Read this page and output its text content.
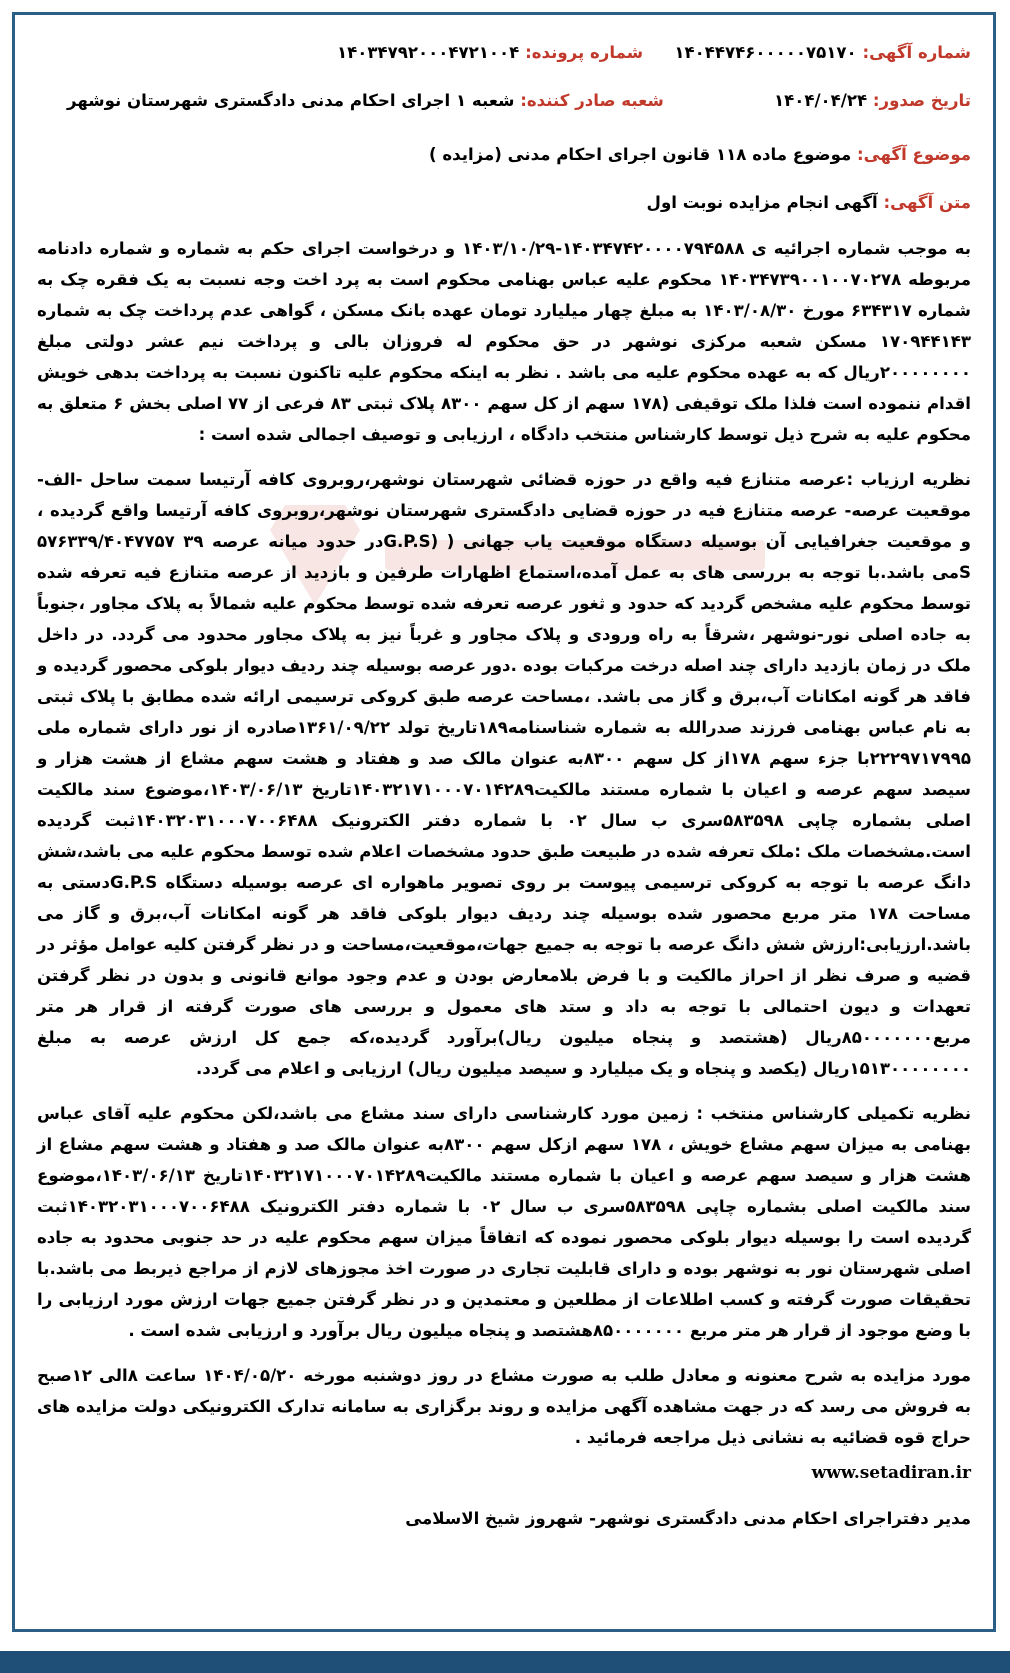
شماره آگهی: ۱۴۰۴۴۷۴۶۰۰۰۰۰۷۵۱۷۰
شماره پرونده: ۱۴۰۳۴۷۹۲۰۰۰۴۷۲۱۰۰۴
تاریخ صدور: ۱۴۰۴/۰۴/۲۴
شعبه صادر کننده: شعبه ۱ اجرای احکام مدنی دادگستری شهرستان نوشهر
موضوع آگهی: موضوع ماده ۱۱۸ قانون اجرای احکام مدنی (مزایده )
متن آگهی: آگهی انجام مزایده نوبت اول

به موجب شماره اجرائیه ی ۱۴۰۳۴۷۴۲۰۰۰۰۷۹۴۵۸۸-۱۴۰۳/۱۰/۲۹ و درخواست اجرای حکم به شماره و شماره دادنامه مربوطه ۱۴۰۳۴۷۳۹۰۰۱۰۰۷۰۲۷۸ محکوم علیه عباس بهنامی محکوم است به پرد اخت وجه نسبت به یک فقره چک به شماره ۶۳۴۳۱۷ مورخ ۱۴۰۳/۰۸/۳۰ به مبلغ چهار میلیارد تومان عهده بانک مسکن ، گواهی عدم پرداخت چک به شماره ۱۷۰۹۴۴۱۴۳ مسکن شعبه مرکزی نوشهر در حق محکوم له فروزان بالی و پرداخت نیم عشر دولتی مبلغ ۲۰۰۰۰۰۰۰۰ریال که به عهده محکوم علیه می باشد . نظر به اینکه محکوم علیه تاکنون نسبت به پرداخت بدهی خویش اقدام ننموده است فلذا ملک توقیفی (۱۷۸ سهم از کل سهم ۸۳۰۰ پلاک ثبتی ۸۳ فرعی از ۷۷ اصلی بخش ۶ متعلق به محکوم علیه به شرح ذیل توسط کارشناس منتخب دادگاه ، ارزیابی و توصیف اجمالی شده است :

نظریه ارزیاب :عرصه متنازع فیه واقع در حوزه قضائی شهرستان نوشهر،روبروی کافه آرتیسا سمت ساحل -الف- موقعیت عرصه- عرصه متنازع فیه در حوزه قضایی دادگستری شهرستان نوشهر،روبروی کافه آرتیسا واقع گردیده ، و موقعیت جغرافیایی آن بوسیله دستگاه موقعیت یاب جهانی ( (G.P.Sدر حدود میانه عرصه ۳۹ ۵۷۶۳۳۹/۴۰۴۷۷۵۷ Sمی باشد.با توجه به بررسی های به عمل آمده،استماع اظهارات طرفین و بازدید از عرصه متنازع فیه تعرفه شده توسط محکوم علیه مشخص گردید که حدود و ثغور عرصه تعرفه شده توسط محکوم علیه شمالاً به پلاک مجاور ،جنوباً به جاده اصلی نور-نوشهر ،شرقاً به راه ورودی و پلاک مجاور و غرباً نیز به پلاک مجاور محدود می گردد. در داخل ملک در زمان بازدید دارای چند اصله درخت مرکبات بوده .دور عرصه بوسیله چند ردیف دیوار بلوکی محصور گردیده و فاقد هر گونه امکانات آب،برق و گاز می باشد. ،مساحت عرصه طبق کروکی ترسیمی ارائه شده مطابق با پلاک ثبتی به نام عباس بهنامی فرزند صدرالله به شماره شناسنامه۱۸۹تاریخ تولد ۱۳۶۱/۰۹/۲۲صادره از نور دارای شماره ملی ۲۲۲۹۷۱۷۹۹۵با جزء سهم ۱۷۸از کل سهم ۸۳۰۰به عنوان مالک صد و هفتاد و هشت سهم مشاع از هشت هزار و سیصد سهم عرصه و اعیان با شماره مستند مالکیت۱۴۰۳۲۱۷۱۰۰۰۷۰۱۴۲۸۹تاریخ ۱۴۰۳/۰۶/۱۳،موضوع سند مالکیت اصلی بشماره چاپی ۵۸۳۵۹۸سری ب سال ۰۲ با شماره دفتر الکترونیک ۱۴۰۳۲۰۳۱۰۰۰۷۰۰۶۴۸۸ثبت گردیده است.مشخصات ملک :ملک تعرفه شده در طبیعت طبق حدود مشخصات اعلام شده توسط محکوم علیه می باشد،شش دانگ عرصه با توجه به کروکی ترسیمی پیوست بر روی تصویر ماهواره ای عرصه بوسیله دستگاه G.P.Sدستی به مساحت ۱۷۸ متر مربع محصور شده بوسیله چند ردیف دیوار بلوکی فاقد هر گونه امکانات آب،برق و گاز می باشد.ارزیابی:ارزش شش دانگ عرصه با توجه به جمیع جهات،موقعیت،مساحت و در نظر گرفتن کلیه عوامل مؤثر در قضیه و صرف نظر از احراز مالکیت و با فرض بلامعارض بودن و عدم وجود موانع قانونی و بدون در نظر گرفتن تعهدات و دیون احتمالی با توجه به داد و ستد های معمول و بررسی های صورت گرفته از قرار هر متر مربع۸۵۰۰۰۰۰۰۰ریال (هشتصد و پنجاه میلیون ریال)برآورد گردیده،که جمع کل ارزش عرصه به مبلغ ۱۵۱۳۰۰۰۰۰۰۰۰ریال (یکصد و پنجاه و یک میلیارد و سیصد میلیون ریال) ارزیابی و اعلام می گردد.

نظریه تکمیلی کارشناس منتخب : زمین مورد کارشناسی دارای سند مشاع می باشد،لکن محکوم علیه آقای عباس بهنامی به میزان سهم مشاع خویش ، ۱۷۸ سهم ازکل سهم ۸۳۰۰به عنوان مالک صد و هفتاد و هشت سهم مشاع از هشت هزار و سیصد سهم عرصه و اعیان با شماره مستند مالکیت۱۴۰۳۲۱۷۱۰۰۰۷۰۱۴۲۸۹تاریخ ۱۴۰۳/۰۶/۱۳،موضوع سند مالکیت اصلی بشماره چاپی ۵۸۳۵۹۸سری ب سال ۰۲ با شماره دفتر الکترونیک ۱۴۰۳۲۰۳۱۰۰۰۷۰۰۶۴۸۸ثبت گردیده است را بوسیله دیوار بلوکی محصور نموده که اتفاقاً میزان سهم محکوم علیه در حد جنوبی محدود به جاده اصلی شهرستان نور به نوشهر بوده و دارای قابلیت تجاری در صورت اخذ مجوزهای لازم از مراجع ذیربط می باشد.با تحقیقات صورت گرفته و کسب اطلاعات از مطلعین و معتمدین و در نظر گرفتن جمیع جهات ارزش مورد ارزیابی را با وضع موجود از قرار هر متر مربع ۸۵۰۰۰۰۰۰۰هشتصد و پنجاه میلیون ریال برآورد و ارزیابی شده است .

مورد مزایده به شرح معنونه و معادل طلب به صورت مشاع در روز دوشنبه مورخه ۱۴۰۴/۰۵/۲۰ ساعت ۸الی ۱۲صبح به فروش می رسد که در جهت مشاهده آگهی مزایده و روند برگزاری به سامانه تدارک الکترونیکی دولت مزایده های حراج قوه قضائیه به نشانی ذیل مراجعه فرمائید .

www.setadiran.ir
مدیر دفتراجرای احکام مدنی دادگستری نوشهر- شهروز شیخ الاسلامی
